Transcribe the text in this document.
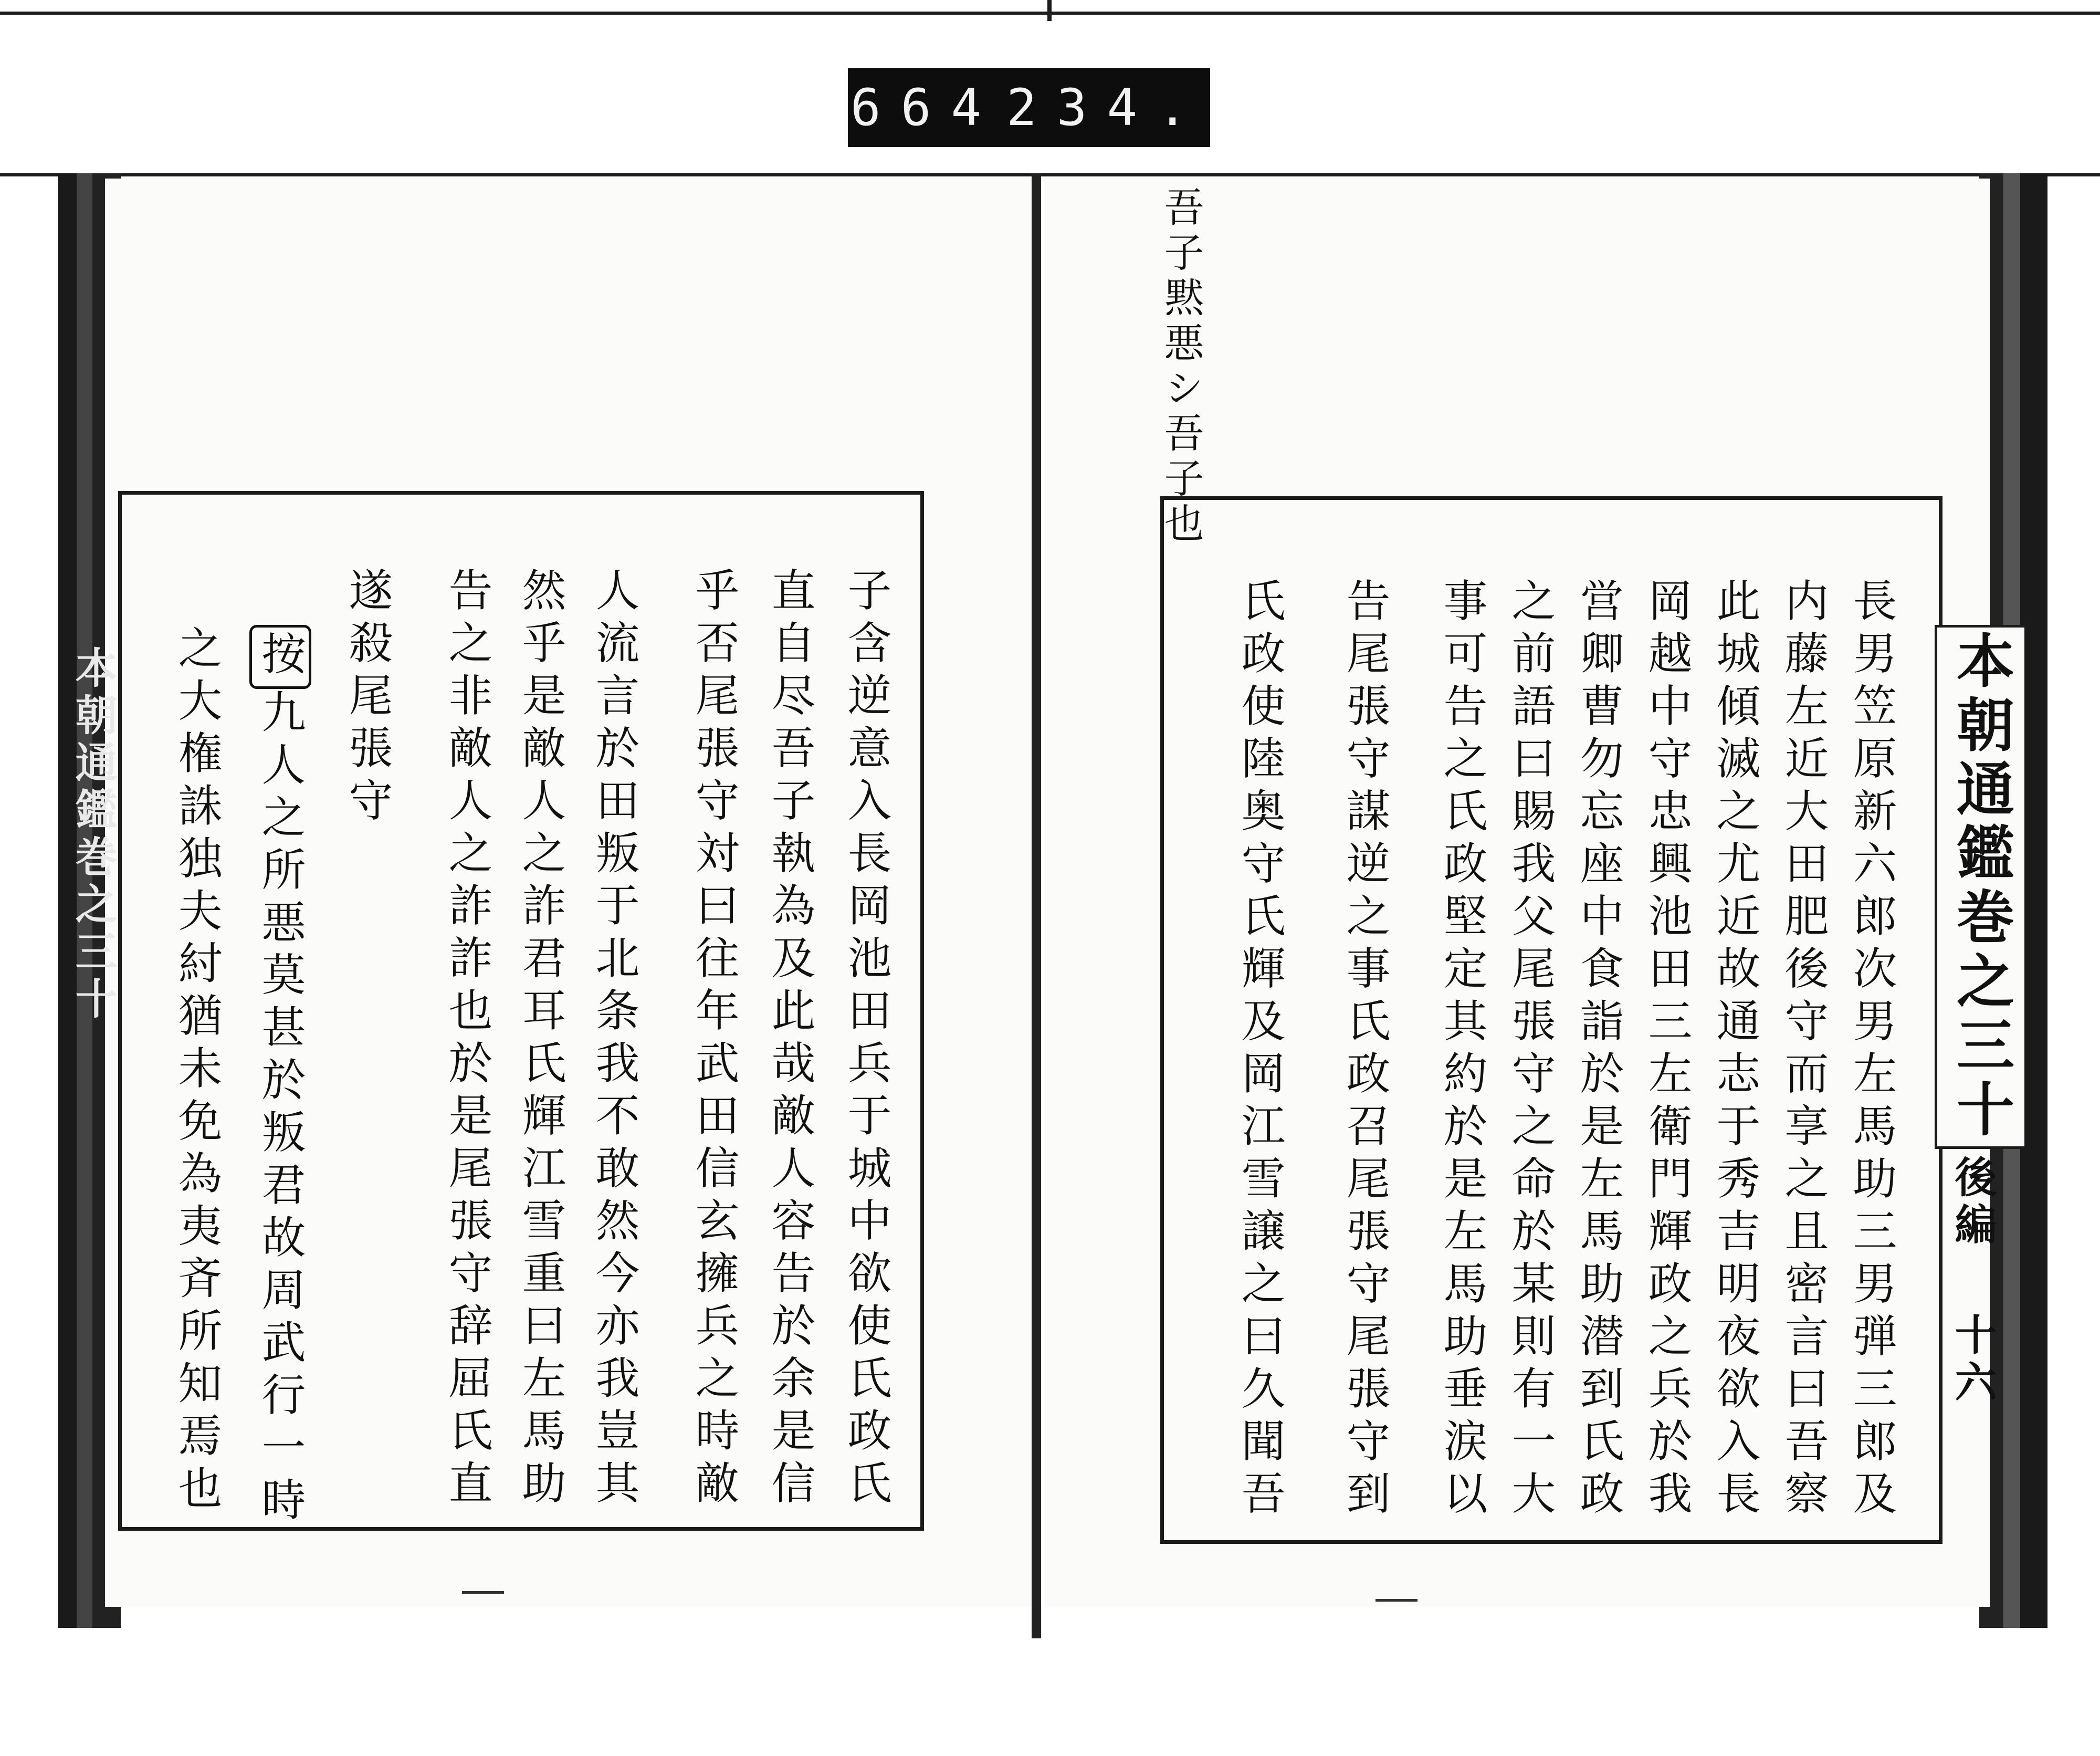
664 234.
本朝通鑑巻之三十
吾子黙悪シ吾子也
本朝通鑑巻之三十
後編
十六
長男笠原新六郎次男左馬助三男弾三郎及
内藤左近大田肥後守而享之且密言曰吾察
此城傾滅之尤近故通志于秀吉明夜欲入長
岡越中守忠興池田三左衛門輝政之兵於我
営卿曹勿忘座中食詣於是左馬助潜到氏政
之前語曰賜我父尾張守之命於某則有一大
事可告之氏政堅定其約於是左馬助垂涙以
告尾張守謀逆之事氏政召尾張守尾張守到
氏政使陸奥守氏輝及岡江雪譲之曰久聞吾
子含逆意入長岡池田兵于城中欲使氏政氏
直自尽吾子執為及此哉敵人容告於余是信
乎否尾張守対曰往年武田信玄擁兵之時敵
人流言於田叛于北条我不敢然今亦我豈其
然乎是敵人之詐君耳氏輝江雪重曰左馬助
告之非敵人之詐詐也於是尾張守辞屈氏直
遂殺尾張守
按九人之所悪莫甚於叛君故周武行一時
之大権誅独夫紂猶未免為夷斉所知焉也
